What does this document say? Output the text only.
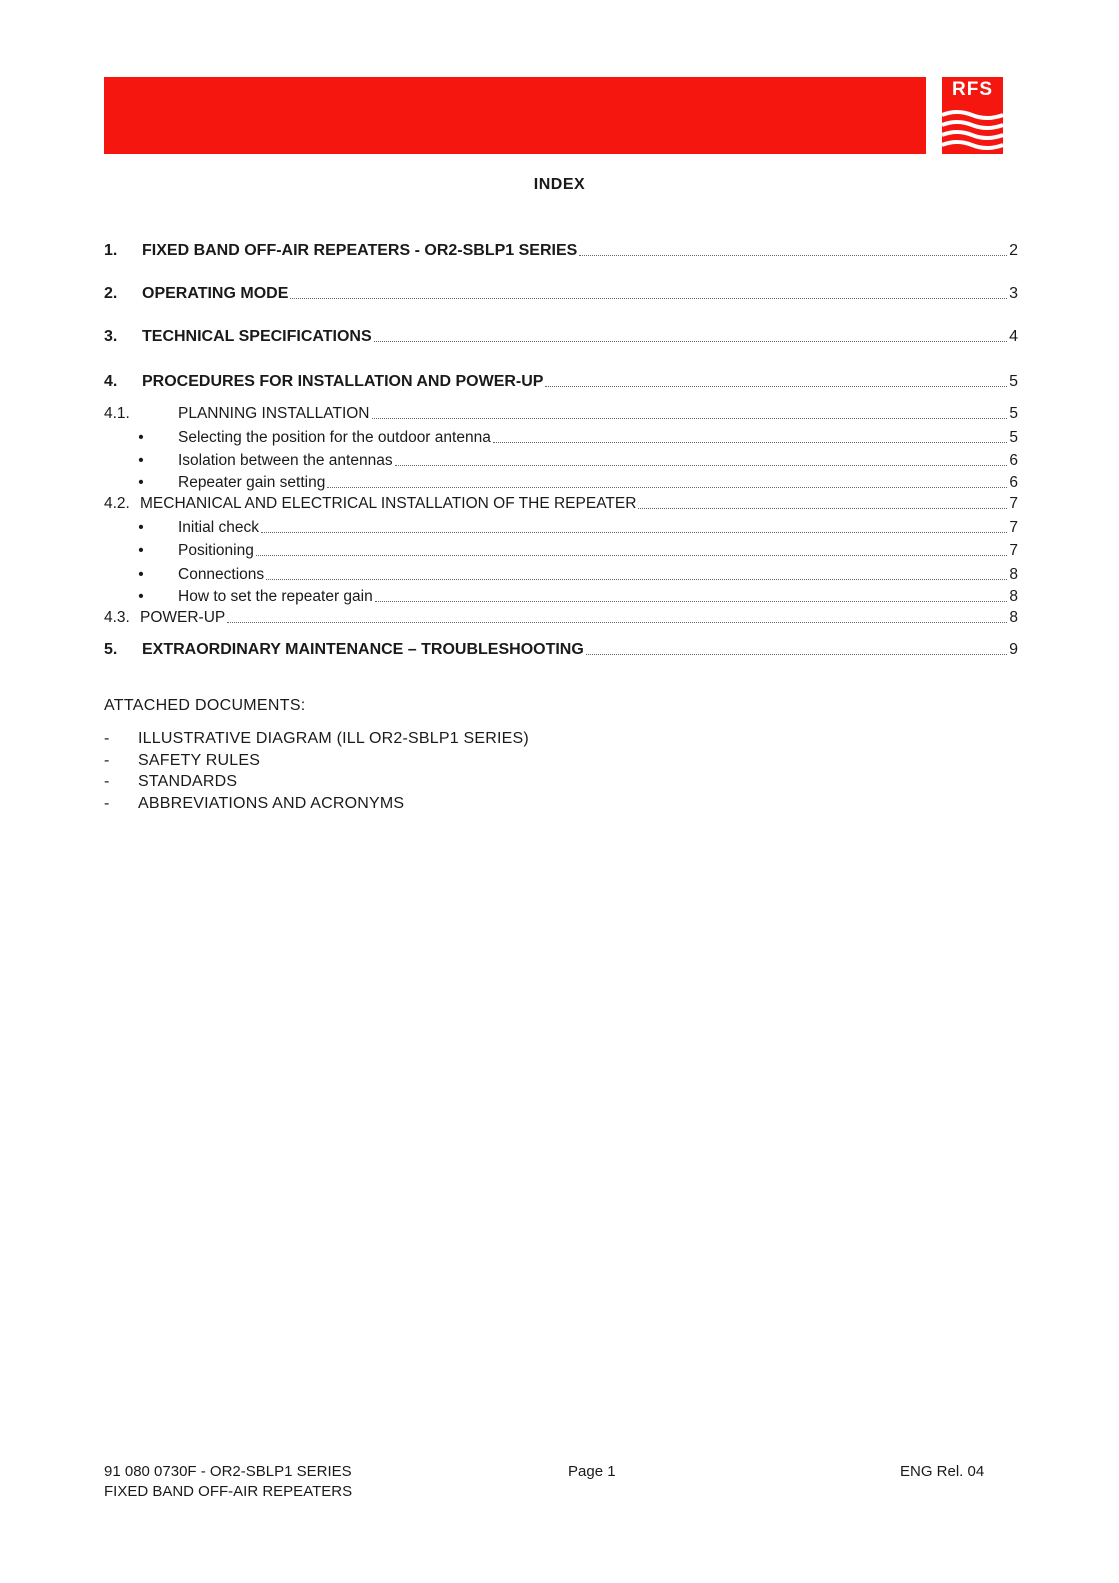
RFS
INDEX
1.	FIXED BAND OFF-AIR REPEATERS - OR2-SBLP1 SERIES	2
2.	OPERATING MODE	3
3.	TECHNICAL SPECIFICATIONS	4
4.	PROCEDURES FOR INSTALLATION AND POWER-UP	5
4.1.	PLANNING INSTALLATION	5
•	Selecting the position for the outdoor antenna	5
•	Isolation between the antennas	6
•	Repeater gain setting	6
4.2. MECHANICAL AND ELECTRICAL INSTALLATION OF THE REPEATER	7
•	Initial check	7
•	Positioning	7
•	Connections	8
•	How to set the repeater gain	8
4.3. POWER-UP	8
5.	EXTRAORDINARY MAINTENANCE – TROUBLESHOOTING	9
ATTACHED DOCUMENTS:
-	ILLUSTRATIVE DIAGRAM (ILL OR2-SBLP1 SERIES)
-	SAFETY RULES
-	STANDARDS
-	ABBREVIATIONS AND ACRONYMS
91 080 0730F - OR2-SBLP1 SERIES
FIXED BAND OFF-AIR REPEATERS
Page 1	ENG Rel. 04
